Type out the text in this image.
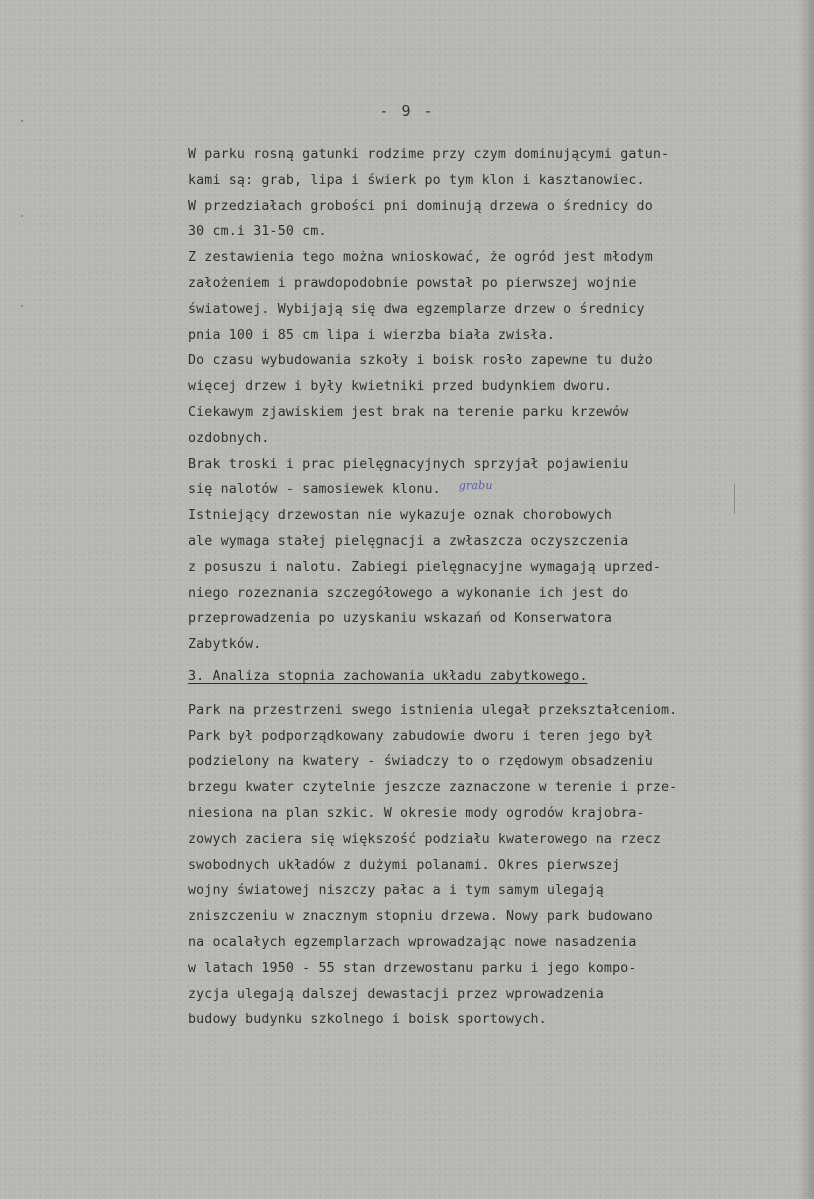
- 9 -
W parku rosną gatunki rodzime przy czym dominującymi gatun-
kami są: grab, lipa i świerk po tym klon i kasztanowiec.
W przedziałach grobości pni dominują drzewa o średnicy do
30 cm.i 31-50 cm.
Z zestawienia tego można wnioskować, że ogród jest młodym
założeniem i prawdopodobnie powstał po pierwszej wojnie
światowej. Wybijają się dwa egzemplarze drzew o średnicy
pnia 100 i 85 cm lipa i wierzba biała zwisła.
Do czasu wybudowania szkoły i boisk rosło zapewne tu dużo
więcej drzew i były kwietniki przed budynkiem dworu.
Ciekawym zjawiskiem jest brak na terenie parku krzewów
ozdobnych.
Brak troski i prac pielęgnacyjnych sprzyjał pojawieniu
się nalotów - samosiewek klonu. grabu
Istniejący drzewostan nie wykazuje oznak chorobowych
ale wymaga stałej pielęgnacji a zwłaszcza oczyszczenia
z posuszu i nalotu. Zabiegi pielęgnacyjne wymagają uprzed-
niego rozeznania szczegółowego a wykonanie ich jest do
przeprowadzenia po uzyskaniu wskazań od Konserwatora
Zabytków.
3. Analiza stopnia zachowania układu zabytkowego.
Park na przestrzeni swego istnienia ulegał przekształceniom.
Park był podporządkowany zabudowie dworu i teren jego był
podzielony na kwatery - świadczy to o rzędowym obsadzeniu
brzegu kwater czytelnie jeszcze zaznaczone w terenie i prze-
niesiona na plan szkic. W okresie mody ogrodów krajobra-
zowych zaciera się większość podziału kwaterowego na rzecz
swobodnych układów z dużymi polanami. Okres pierwszej
wojny światowej niszczy pałac a i tym samym ulegają
zniszczeniu w znacznym stopniu drzewa. Nowy park budowano
na ocalałych egzemplarzach wprowadzając nowe nasadzenia
w latach 1950 - 55 stan drzewostanu parku i jego kompo-
zycja ulegają dalszej dewastacji przez wprowadzenia
budowy budynku szkolnego i boisk sportowych.
